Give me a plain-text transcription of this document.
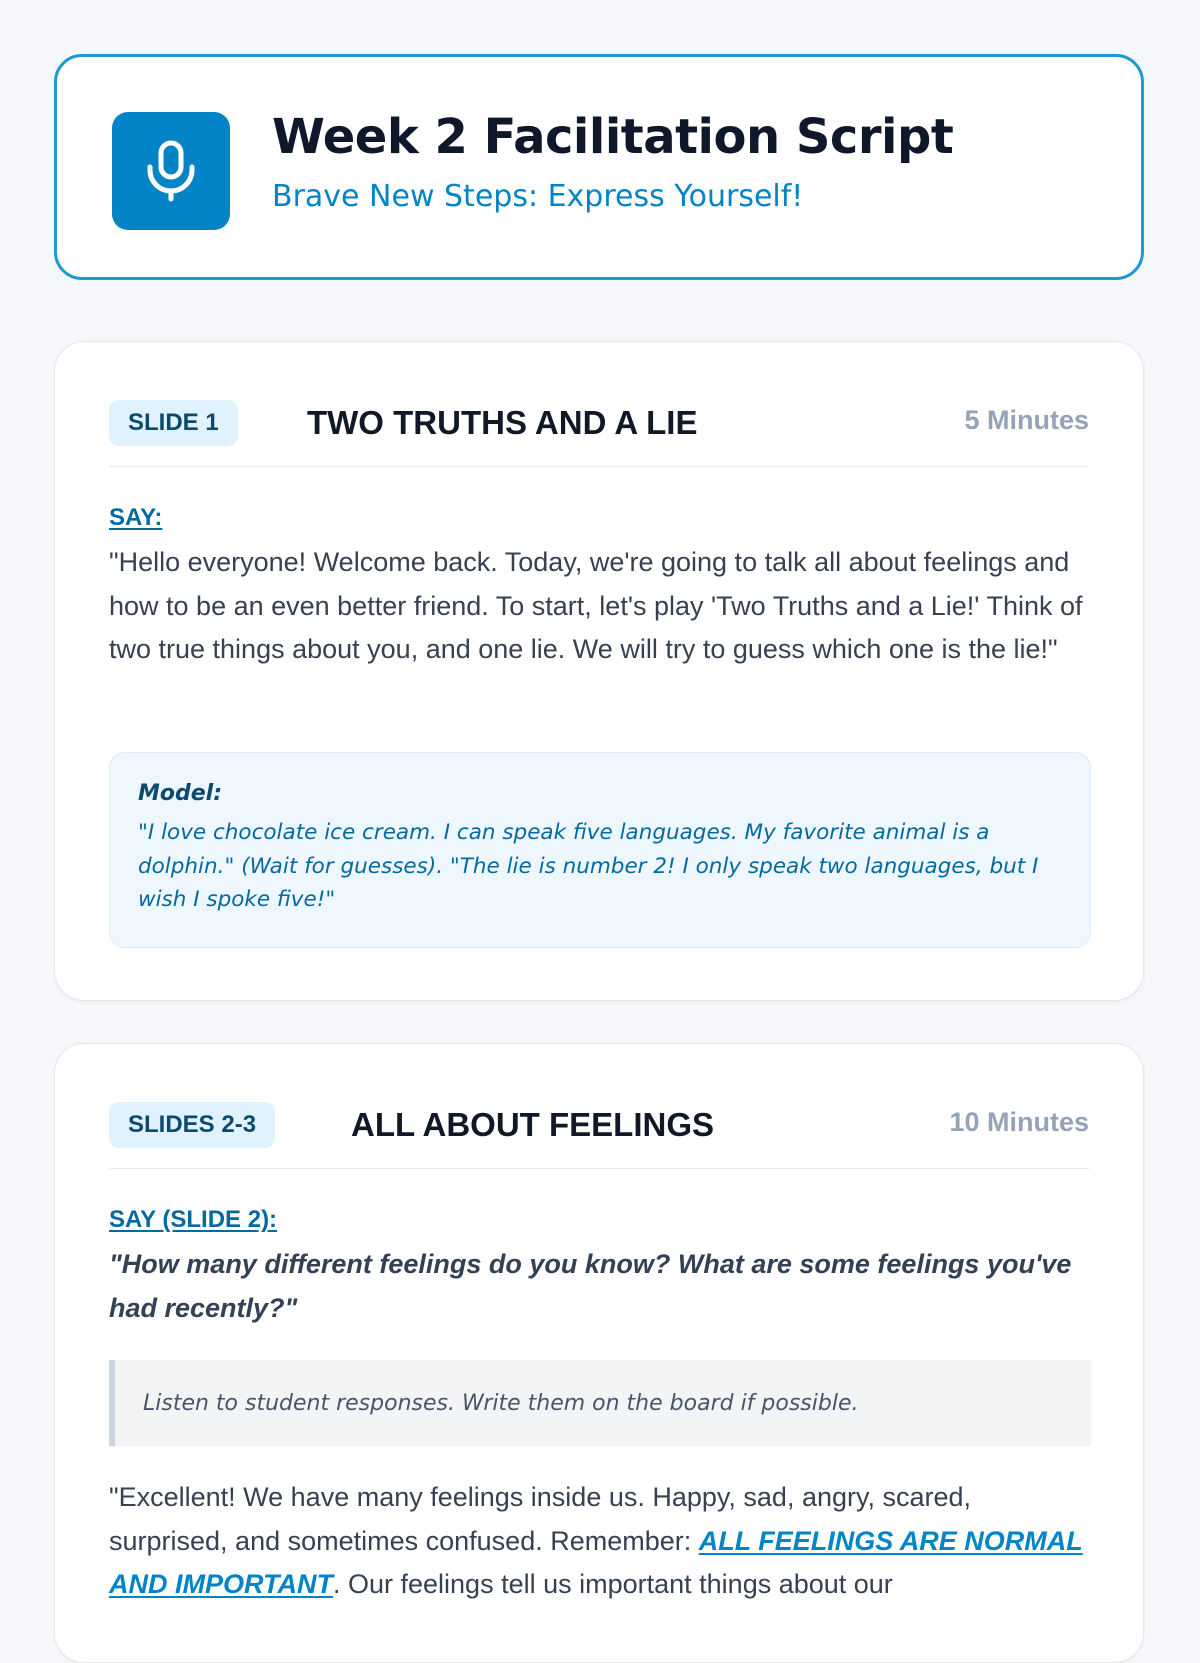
Week 2 Facilitation Script
Brave New Steps: Express Yourself!
SLIDE 1	TWO TRUTHS AND A LIE	5 Minutes
SAY:

"Hello everyone! Welcome back. Today, we're going to talk all about feelings and how to be an even better friend. To start, let's play 'Two Truths and a Lie!' Think of two true things about you, and one lie. We will try to guess which one is the lie!"

Model:

"I love chocolate ice cream. I can speak five languages. My favorite animal is a dolphin." (Wait for guesses). "The lie is number 2! I only speak two languages, but I wish I spoke five!"

SLIDES 2-3	ALL ABOUT FEELINGS	10 Minutes
SAY (SLIDE 2):

"How many different feelings do you know? What are some feelings you've had recently?"

Listen to student responses. Write them on the board if possible.

"Excellent! We have many feelings inside us. Happy, sad, angry, scared, surprised, and sometimes confused. Remember: ALL FEELINGS ARE NORMAL AND IMPORTANT. Our feelings tell us important things about our
